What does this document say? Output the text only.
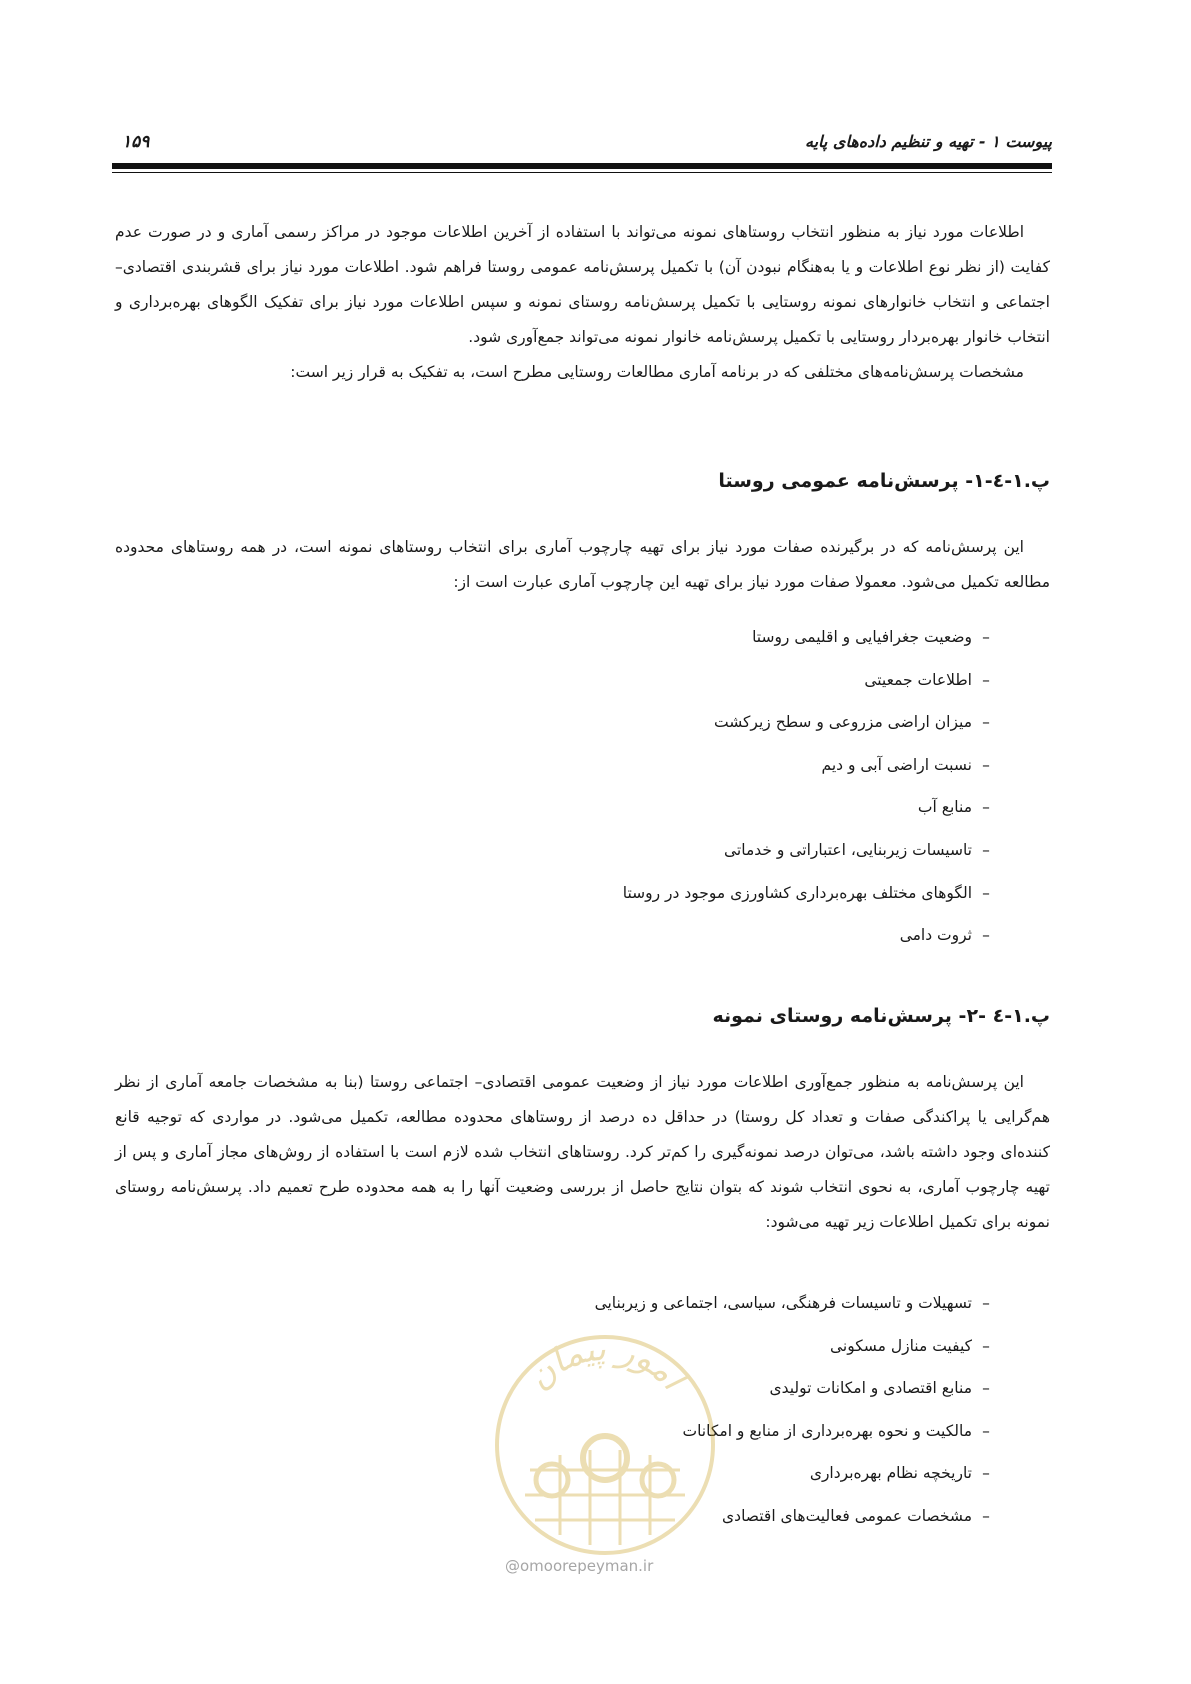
پیوست ۱ - تهیه و تنظیم داده‌های پایه
۱۵۹
اطلاعات مورد نیاز به منظور انتخاب روستاهای نمونه می‌تواند با استفاده از آخرین اطلاعات موجود در مراکز رسمی آماری و در صورت عدم کفایت (از نظر نوع اطلاعات و یا به‌هنگام نبودن آن) با تکمیل پرسش‌نامه عمومی روستا فراهم شود. اطلاعات مورد نیاز برای قشربندی اقتصادی– اجتماعی و انتخاب خانوارهای نمونه روستایی با تکمیل پرسش‌نامه روستای نمونه و سپس اطلاعات مورد نیاز برای تفکیک الگوهای بهره‌برداری و انتخاب خانوار بهره‌بردار روستایی با تکمیل پرسش‌نامه خانوار نمونه می‌تواند جمع‌آوری شود.
مشخصات پرسش‌نامه‌های مختلفی که در برنامه آماری مطالعات روستایی مطرح است، به تفکیک به قرار زیر است:
پ.۱-٤-۱- پرسش‌نامه عمومی روستا
این پرسش‌نامه که در برگیرنده صفات مورد نیاز برای تهیه چارچوب آماری برای انتخاب روستاهای نمونه است، در همه روستاهای محدوده مطالعه تکمیل می‌شود. معمولا صفات مورد نیاز برای تهیه این چارچوب آماری عبارت است از:
–وضعیت جغرافیایی و اقلیمی روستا
–اطلاعات جمعیتی
–میزان اراضی مزروعی و سطح زیرکشت
–نسبت اراضی آبی و دیم
–منابع آب
–تاسیسات زیربنایی، اعتباراتی و خدماتی
–الگوهای مختلف بهره‌برداری کشاورزی موجود در روستا
–ثروت دامی
پ.۱-٤ -۲- پرسش‌نامه روستای نمونه
این پرسش‌نامه به منظور جمع‌آوری اطلاعات مورد نیاز از وضعیت عمومی اقتصادی– اجتماعی روستا (بنا به مشخصات جامعه آماری از نظر هم‌گرایی یا پراکندگی صفات و تعداد کل روستا) در حداقل ده درصد از روستاهای محدوده مطالعه، تکمیل می‌شود. در مواردی که توجیه قانع کننده‌ای وجود داشته باشد، می‌توان درصد نمونه‌گیری را کم‌تر کرد. روستاهای انتخاب شده لازم است با استفاده از روش‌های مجاز آماری و پس از تهیه چارچوب آماری، به نحوی انتخاب شوند که بتوان نتایج حاصل از بررسی وضعیت آنها را به همه محدوده طرح تعمیم داد. پرسش‌نامه روستای نمونه برای تکمیل اطلاعات زیر تهیه می‌شود:
–تسهیلات و تاسیسات فرهنگی، سیاسی، اجتماعی و زیربنایی
–کیفیت منازل مسکونی
–منابع اقتصادی و امکانات تولیدی
–مالکیت و نحوه بهره‌برداری از منابع و امکانات
–تاریخچه نظام بهره‌برداری
–مشخصات عمومی فعالیت‌های اقتصادی
امور پیمان
@omoorepeyman.ir
